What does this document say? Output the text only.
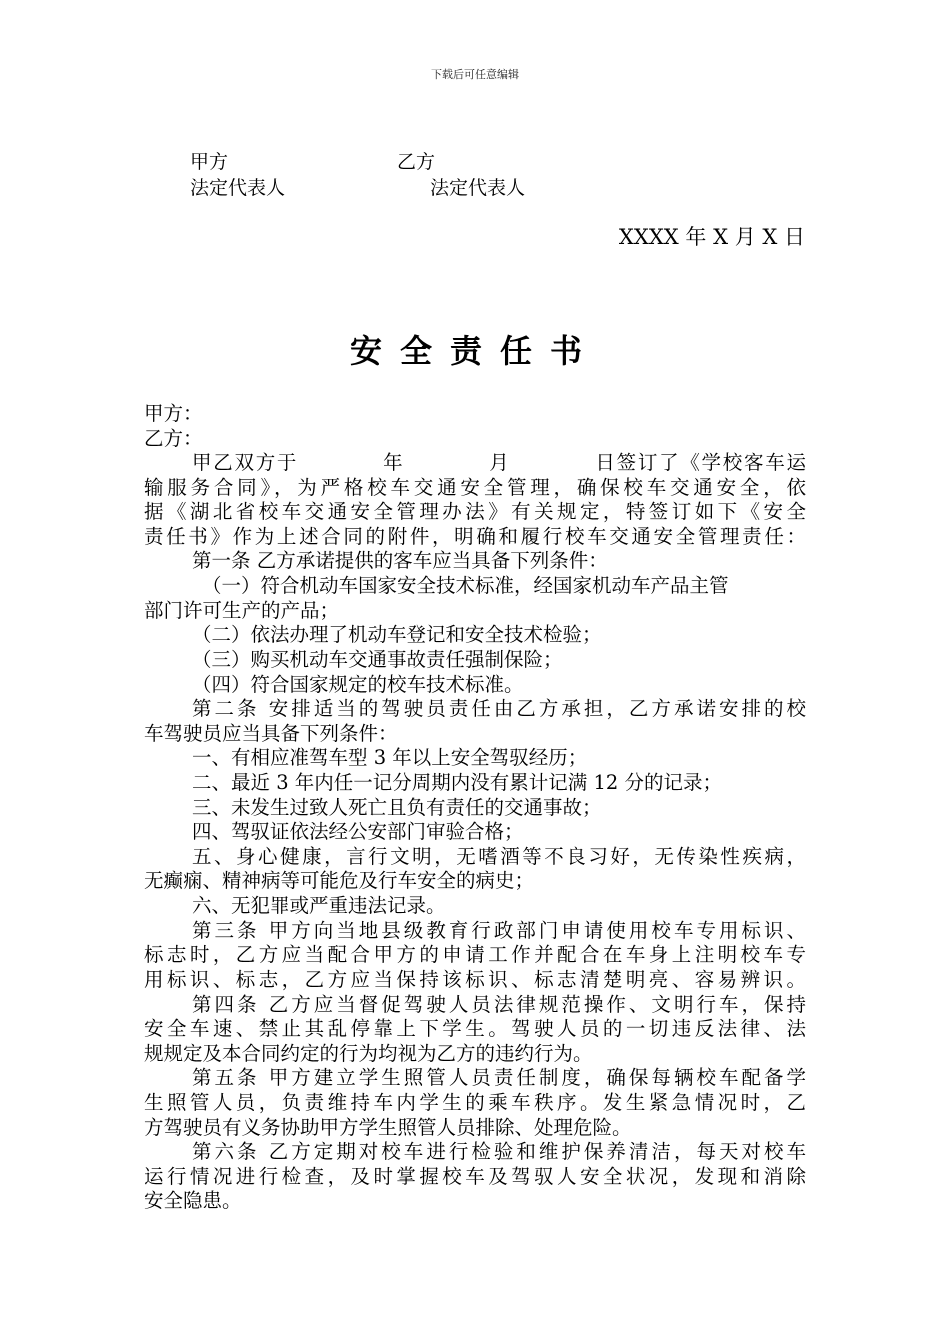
下载后可任意编辑
甲方	乙方
法定代表人	法定代表人
XXXX 年 X 月 X 日
安全责任书
甲方：
乙方：
甲乙双方于　　　　年　　　　月　　　　日签订了《学校客车运
输服务合同》，为严格校车交通安全管理，确保校车交通安全，依
据《湖北省校车交通安全管理办法》有关规定，特签订如下《安全
责任书》作为上述合同的附件，明确和履行校车交通安全管理责任：
第一条 乙方承诺提供的客车应当具备下列条件：
（一）符合机动车国家安全技术标准，经国家机动车产品主管
部门许可生产的产品；
（二）依法办理了机动车登记和安全技术检验；
（三）购买机动车交通事故责任强制保险；
（四）符合国家规定的校车技术标准。
第二条 安排适当的驾驶员责任由乙方承担，乙方承诺安排的校
车驾驶员应当具备下列条件：
一、有相应准驾车型 3 年以上安全驾驭经历；
二、最近 3 年内任一记分周期内没有累计记满 12 分的记录；
三、未发生过致人死亡且负有责任的交通事故；
四、驾驭证依法经公安部门审验合格；
五、身心健康，言行文明，无嗜酒等不良习好，无传染性疾病，
无癫痫、精神病等可能危及行车安全的病史；
六、无犯罪或严重违法记录。
第三条 甲方向当地县级教育行政部门申请使用校车专用标识、
标志时，乙方应当配合甲方的申请工作并配合在车身上注明校车专
用标识、标志，乙方应当保持该标识、标志清楚明亮、容易辨识。
第四条 乙方应当督促驾驶人员法律规范操作、文明行车，保持
安全车速、禁止其乱停靠上下学生。驾驶人员的一切违反法律、法
规规定及本合同约定的行为均视为乙方的违约行为。
第五条 甲方建立学生照管人员责任制度，确保每辆校车配备学
生照管人员，负责维持车内学生的乘车秩序。发生紧急情况时，乙
方驾驶员有义务协助甲方学生照管人员排除、处理危险。
第六条 乙方定期对校车进行检验和维护保养清洁，每天对校车
运行情况进行检查，及时掌握校车及驾驭人安全状况，发现和消除
安全隐患。
